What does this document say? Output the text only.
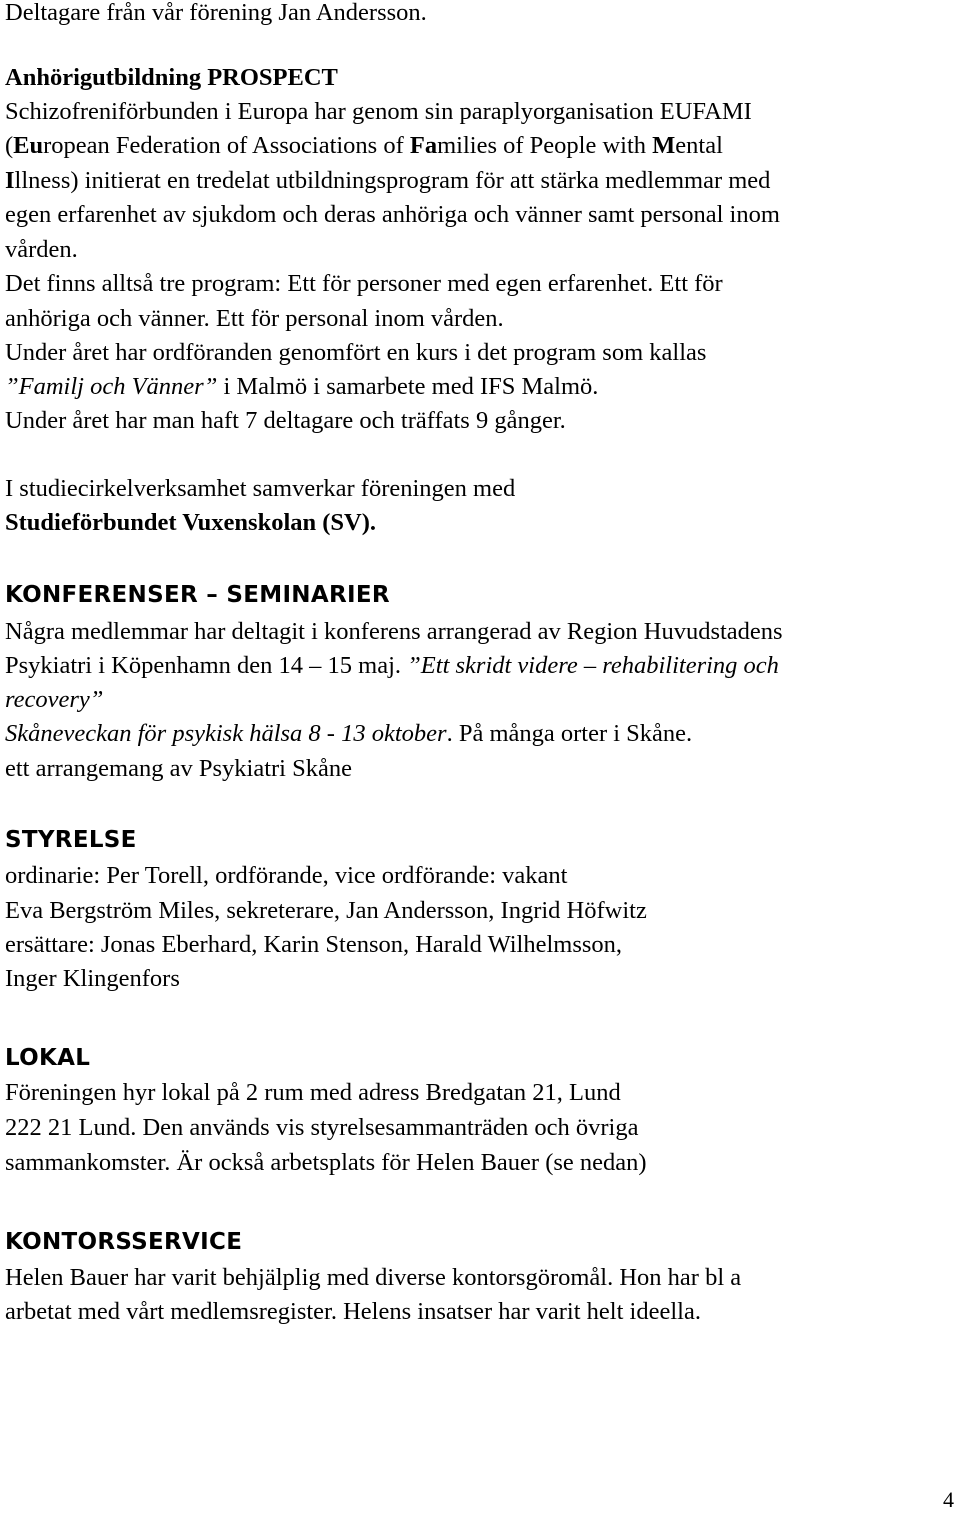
Deltagare från vår förening Jan Andersson.
Anhörigutbildning PROSPECT
Schizofreniförbunden i Europa har genom sin paraplyorganisation EUFAMI
(European Federation of Associations of Families of People with Mental
Illness) initierat en tredelat utbildningsprogram för att stärka medlemmar med
egen erfarenhet av sjukdom och deras anhöriga och vänner samt personal inom
vården.
Det finns alltså tre program: Ett för personer med egen erfarenhet. Ett för
anhöriga och vänner. Ett för personal inom vården.
Under året har ordföranden genomfört en kurs i det program som kallas
”Familj och Vänner” i Malmö i samarbete med IFS Malmö.
Under året har man haft 7 deltagare och träffats 9 gånger.
I studiecirkelverksamhet samverkar föreningen med
Studieförbundet Vuxenskolan (SV).
KONFERENSER – SEMINARIER
Några medlemmar har deltagit i konferens arrangerad av Region Huvudstadens
Psykiatri i Köpenhamn den 14 – 15 maj. ”Ett skridt videre – rehabilitering och
recovery”
Skåneveckan för psykisk hälsa 8 - 13 oktober. På många orter i Skåne.
ett arrangemang av Psykiatri Skåne
STYRELSE
ordinarie: Per Torell, ordförande, vice ordförande: vakant
Eva Bergström Miles, sekreterare, Jan Andersson, Ingrid Höfwitz
ersättare: Jonas Eberhard, Karin Stenson, Harald Wilhelmsson,
Inger Klingenfors
LOKAL
Föreningen hyr lokal på 2 rum med adress Bredgatan 21, Lund
222 21 Lund. Den används vis styrelsesammanträden och övriga
sammankomster. Är också arbetsplats för Helen Bauer (se nedan)
KONTORSSERVICE
Helen Bauer har varit behjälplig med diverse kontorsgöromål. Hon har bl a
arbetat med vårt medlemsregister. Helens insatser har varit helt ideella.
4
